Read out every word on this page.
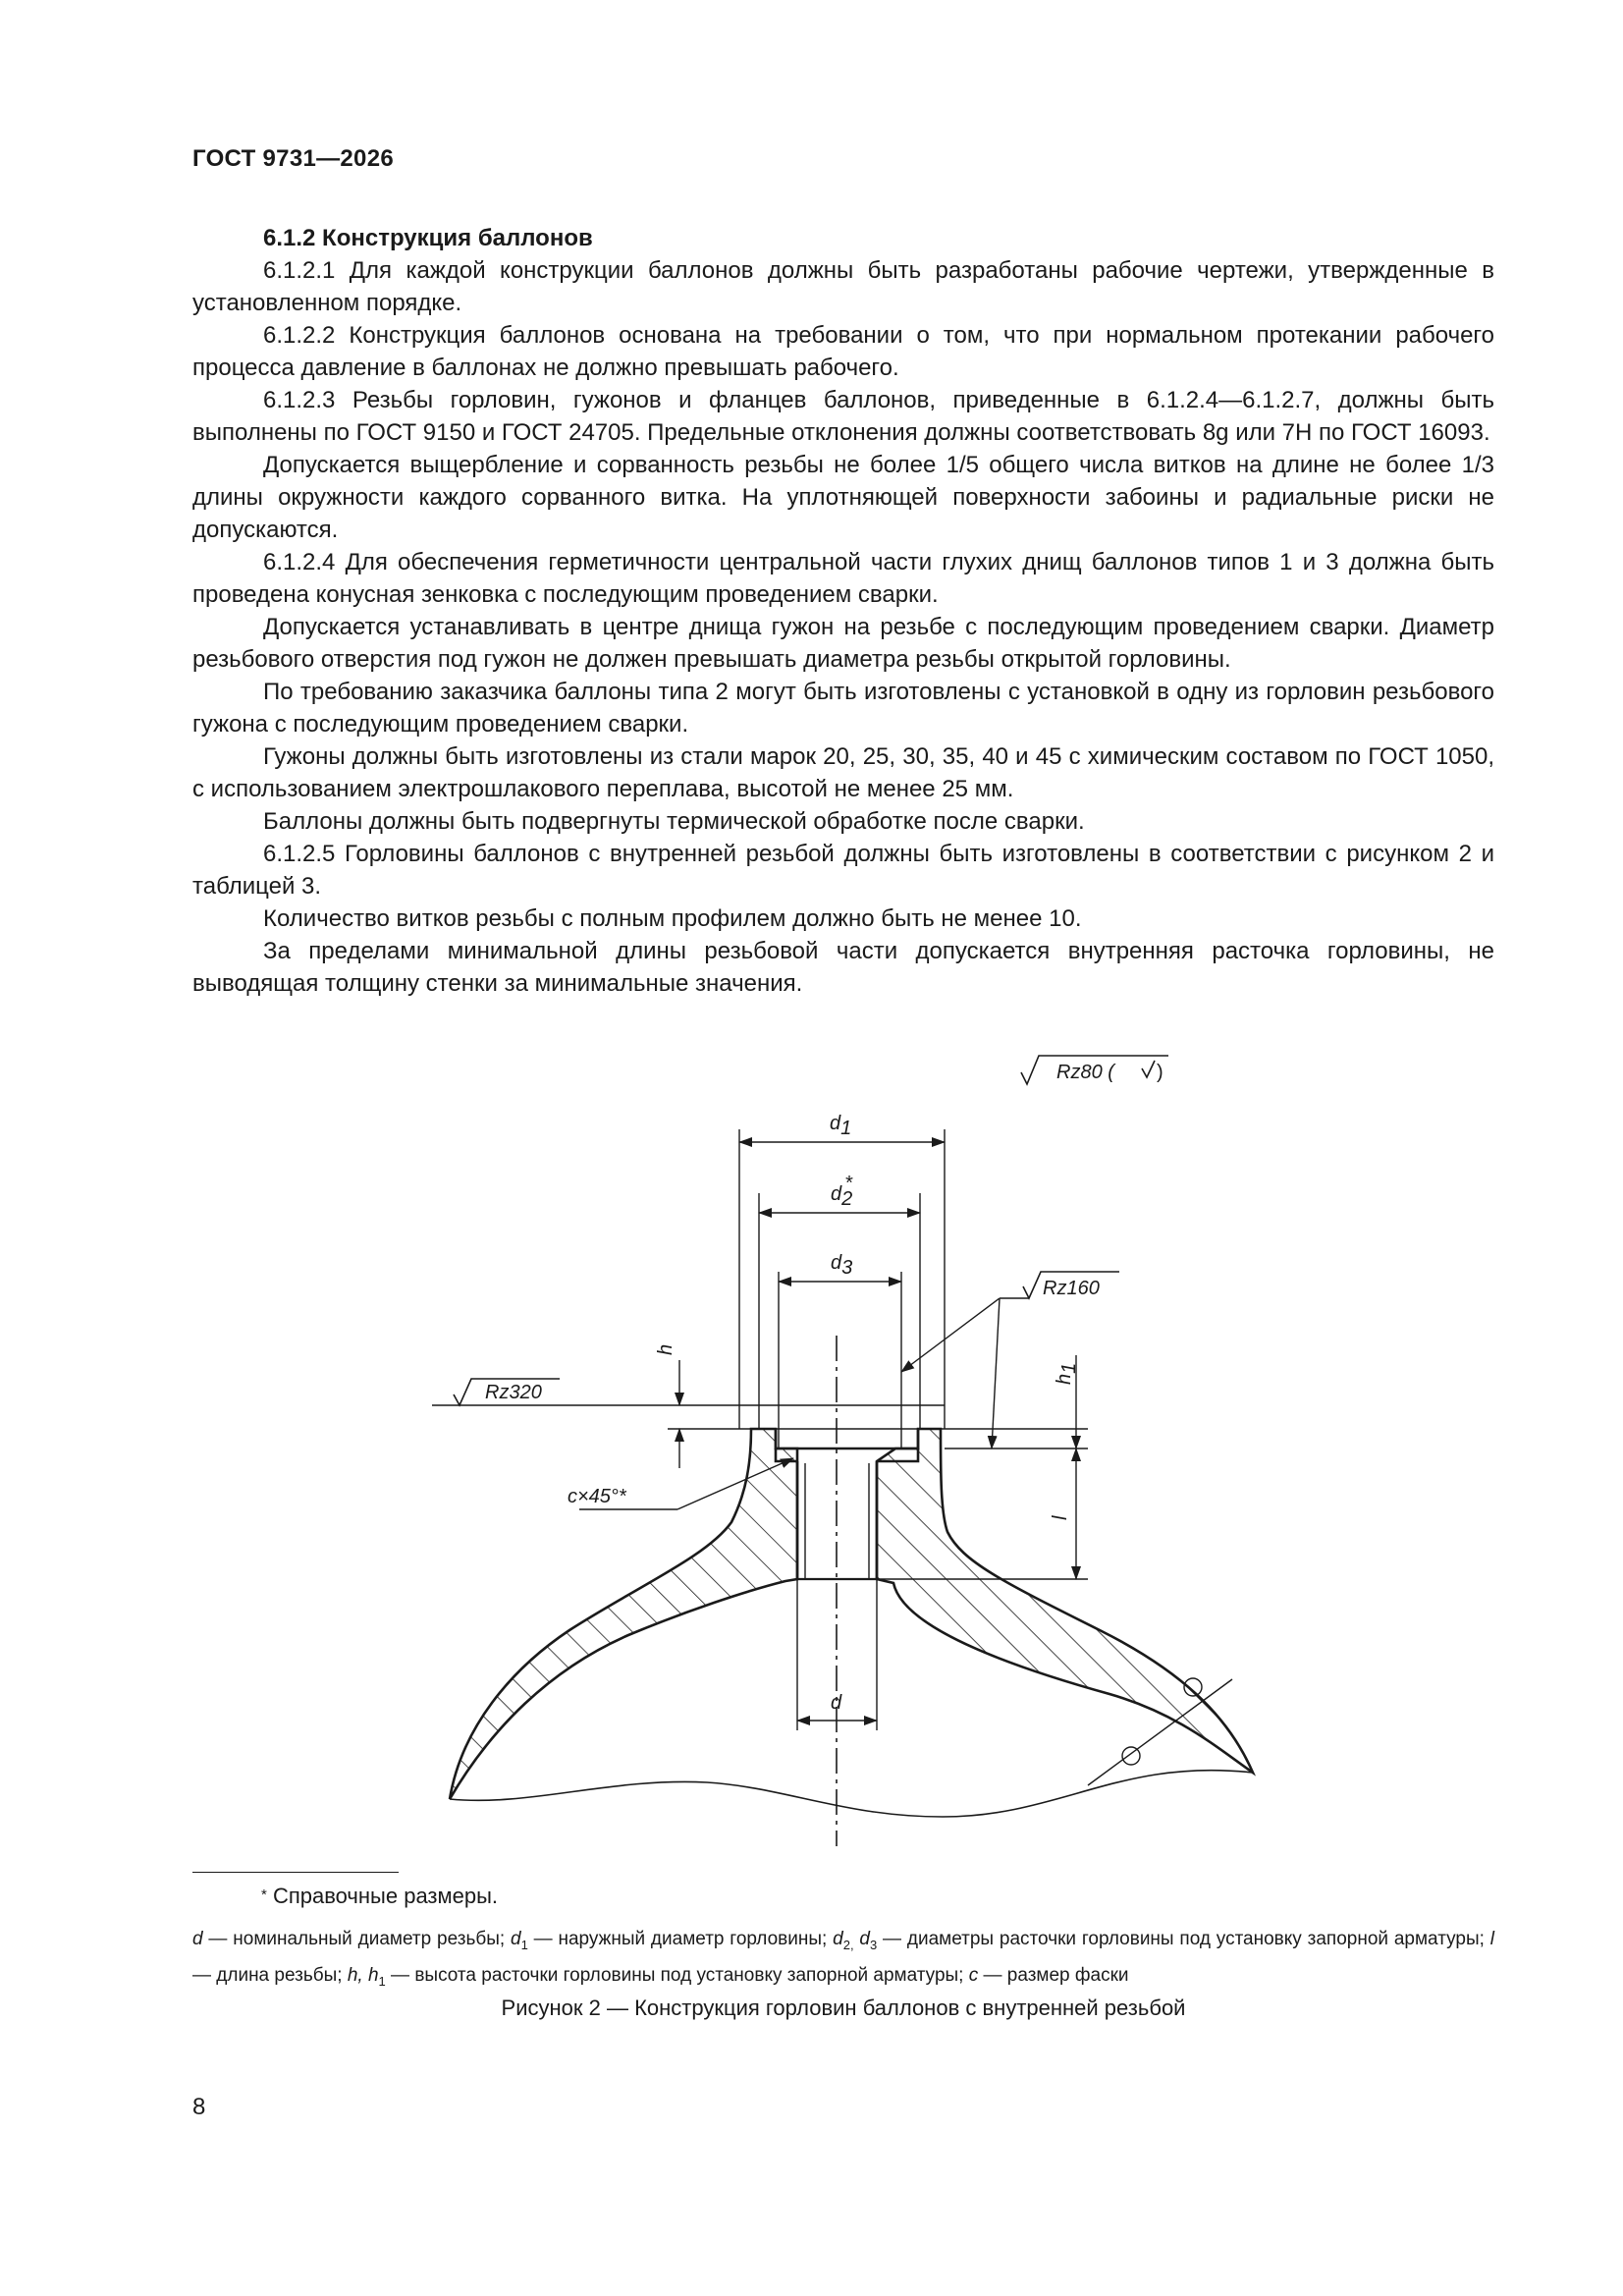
ГОСТ 9731—2026

6.1.2 Конструкция баллонов

6.1.2.1 Для каждой конструкции баллонов должны быть разработаны рабочие чертежи, утвержденные в установленном порядке.

6.1.2.2 Конструкция баллонов основана на требовании о том, что при нормальном протекании рабочего процесса давление в баллонах не должно превышать рабочего.

6.1.2.3 Резьбы горловин, гужонов и фланцев баллонов, приведенные в 6.1.2.4—6.1.2.7, должны быть выполнены по ГОСТ 9150 и ГОСТ 24705. Предельные отклонения должны соответствовать 8g или 7H по ГОСТ 16093.

Допускается выщербление и сорванность резьбы не более 1/5 общего числа витков на длине не более 1/3 длины окружности каждого сорванного витка. На уплотняющей поверхности забоины и радиальные риски не допускаются.

6.1.2.4 Для обеспечения герметичности центральной части глухих днищ баллонов типов 1 и 3 должна быть проведена конусная зенковка с последующим проведением сварки.

Допускается устанавливать в центре днища гужон на резьбе с последующим проведением сварки. Диаметр резьбового отверстия под гужон не должен превышать диаметра резьбы открытой горловины.

По требованию заказчика баллоны типа 2 могут быть изготовлены с установкой в одну из горловин резьбового гужона с последующим проведением сварки.

Гужоны должны быть изготовлены из стали марок 20, 25, 30, 35, 40 и 45 с химическим составом по ГОСТ 1050, с использованием электрошлакового переплава, высотой не менее 25 мм.

Баллоны должны быть подвергнуты термической обработке после сварки.

6.1.2.5 Горловины баллонов с внутренней резьбой должны быть изготовлены в соответствии с рисунком 2 и таблицей 3.

Количество витков резьбы с полным профилем должно быть не менее 10.

За пределами минимальной длины резьбовой части допускается внутренняя расточка горловины, не выводящая толщину стенки за минимальные значения.

Rz80 ( )
Rz160
Rz320
d1
d2*
d3
d
h
h1
l
c×45°*
* Справочные размеры.
d — номинальный диаметр резьбы; $d_1$ — наружный диаметр горловины; $d_{2,}$ $d_3$ — диаметры расточки горловины под установку запорной арматуры; l — длина резьбы; h, $h_1$ — высота расточки горловины под установку запорной арматуры; c — размер фаски
Рисунок 2 — Конструкция горловин баллонов с внутренней резьбой
8
